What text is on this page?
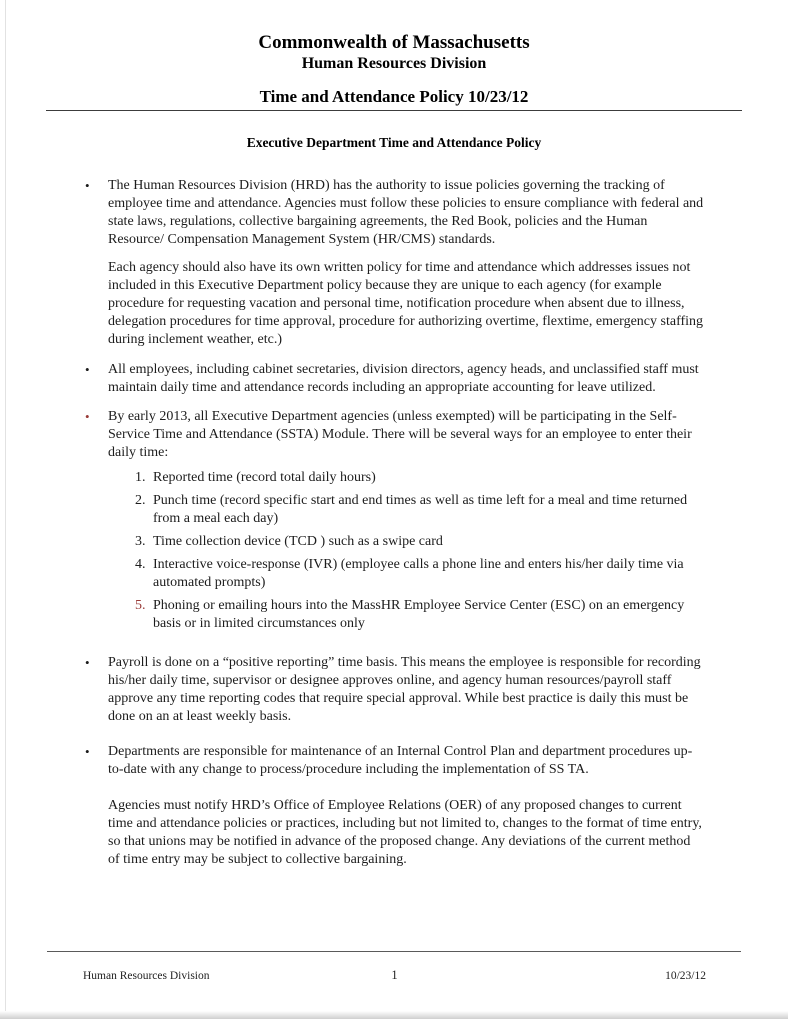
Commonwealth of Massachusetts
Human Resources Division
Time and Attendance Policy 10/23/12
Executive Department Time and Attendance Policy
•	The Human Resources Division (HRD) has the authority to issue policies governing the tracking of employee time and attendance. Agencies must follow these policies to ensure compliance with federal and state laws, regulations, collective bargaining agreements, the Red Book, policies and the Human Resource/ Compensation Management System (HR/CMS) standards.
Each agency should also have its own written policy for time and attendance which addresses issues not included in this Executive Department policy because they are unique to each agency (for example procedure for requesting vacation and personal time, notification procedure when absent due to illness, delegation procedures for time approval, procedure for authorizing overtime, flextime, emergency staffing during inclement weather, etc.)
•	All employees, including cabinet secretaries, division directors, agency heads, and unclassified staff must maintain daily time and attendance records including an appropriate accounting for leave utilized.
•	By early 2013, all Executive Department agencies (unless exempted) will be participating in the Self-Service Time and Attendance (SSTA) Module. There will be several ways for an employee to enter their daily time:
1. Reported time (record total daily hours)
2. Punch time (record specific start and end times as well as time left for a meal and time returned from a meal each day)
3. Time collection device (TCD ) such as a swipe card
4. Interactive voice-response (IVR) (employee calls a phone line and enters his/her daily time via automated prompts)
5. Phoning or emailing hours into the MassHR Employee Service Center (ESC) on an emergency basis or in limited circumstances only
•	Payroll is done on a “positive reporting” time basis. This means the employee is responsible for recording his/her daily time, supervisor or designee approves online, and agency human resources/payroll staff approve any time reporting codes that require special approval. While best practice is daily this must be done on an at least weekly basis.
•	Departments are responsible for maintenance of an Internal Control Plan and department procedures up-to-date with any change to process/procedure including the implementation of SS TA.
Agencies must notify HRD’s Office of Employee Relations (OER) of any proposed changes to current time and attendance policies or practices, including but not limited to, changes to the format of time entry, so that unions may be notified in advance of the proposed change. Any deviations of the current method of time entry may be subject to collective bargaining.
Human Resources Division	1	10/23/12
